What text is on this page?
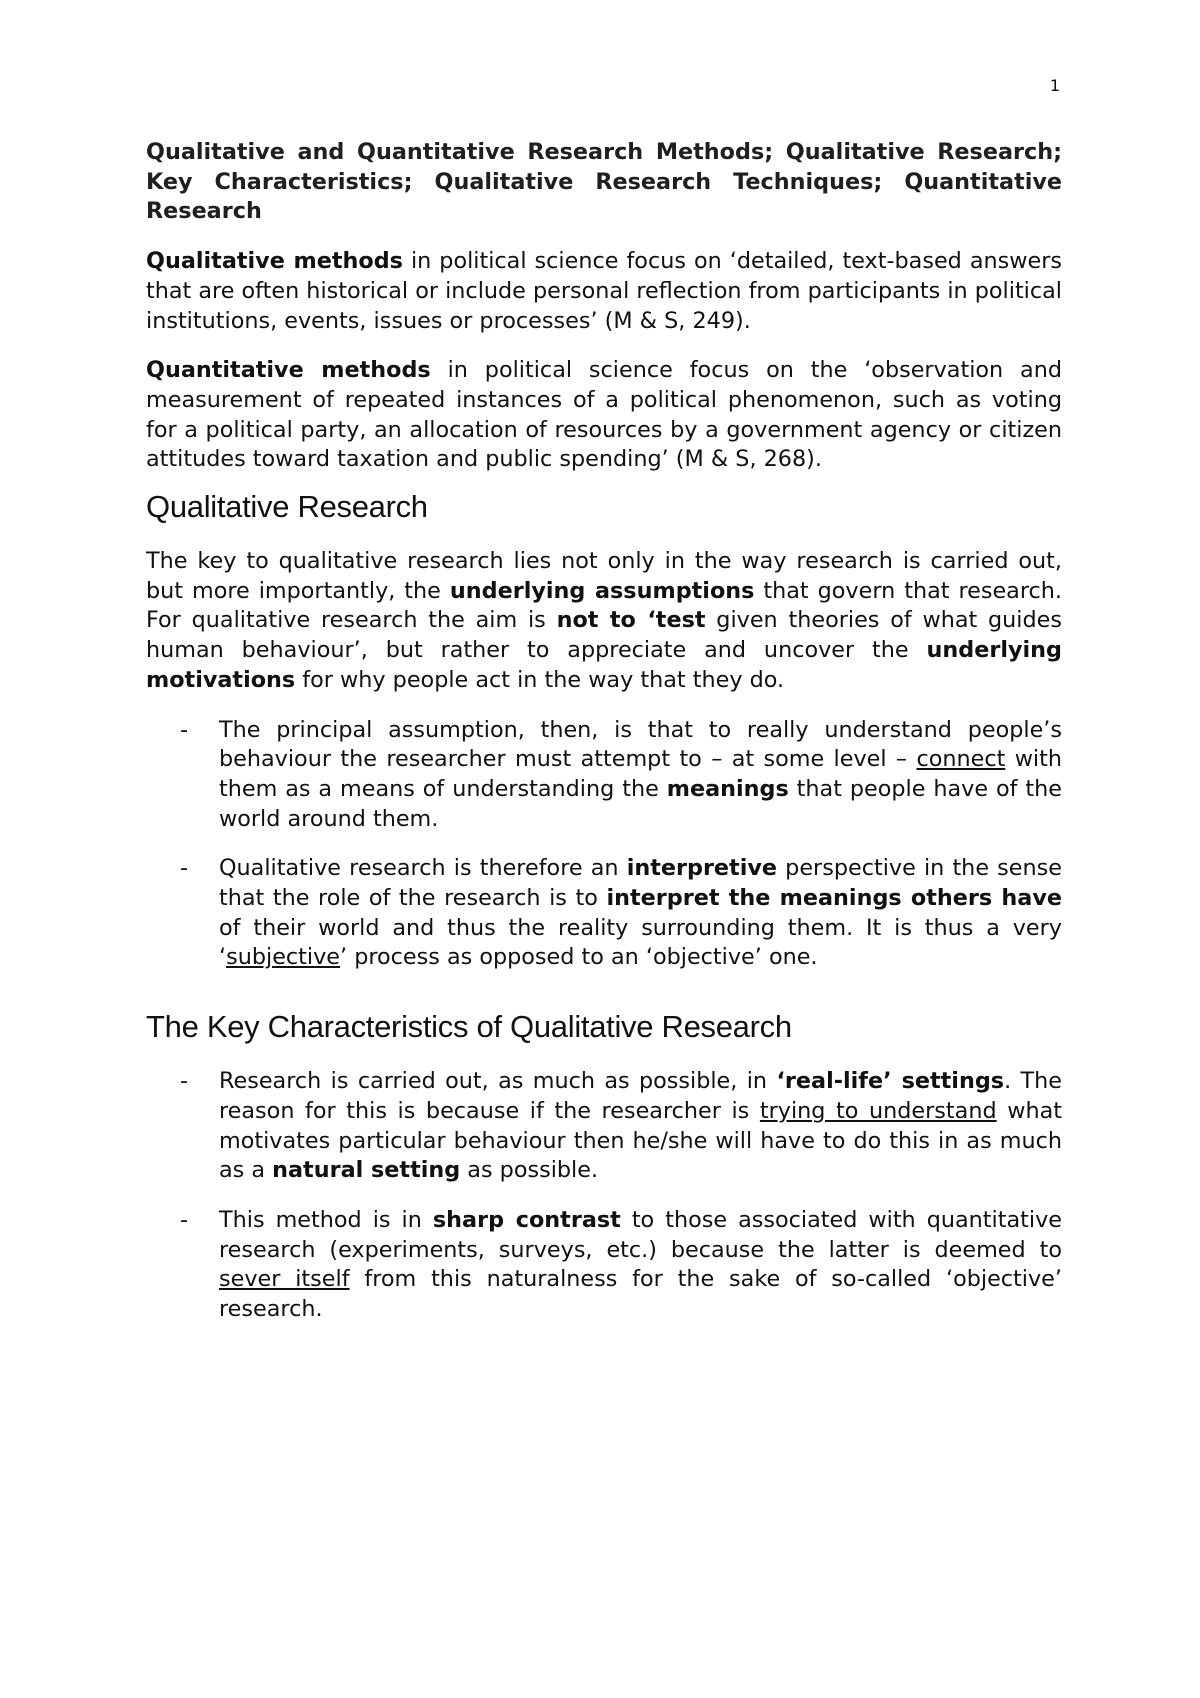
1

Qualitative and Quantitative Research Methods; Qualitative Research; Key Characteristics; Qualitative Research Techniques; Quantitative Research

Qualitative methods in political science focus on ‘detailed, text-based answers that are often historical or include personal reflection from participants in political institutions, events, issues or processes’ (M & S, 249).

Quantitative methods in political science focus on the ‘observation and measurement of repeated instances of a political phenomenon, such as voting for a political party, an allocation of resources by a government agency or citizen attitudes toward taxation and public spending’ (M & S, 268).

Qualitative Research

The key to qualitative research lies not only in the way research is carried out, but more importantly, the underlying assumptions that govern that research. For qualitative research the aim is not to ‘test given theories of what guides human behaviour’, but rather to appreciate and uncover the underlying motivations for why people act in the way that they do.

- The principal assumption, then, is that to really understand people’s behaviour the researcher must attempt to – at some level – connect with them as a means of understanding the meanings that people have of the world around them.
- Qualitative research is therefore an interpretive perspective in the sense that the role of the research is to interpret the meanings others have of their world and thus the reality surrounding them. It is thus a very ‘subjective’ process as opposed to an ‘objective’ one.
The Key Characteristics of Qualitative Research
- Research is carried out, as much as possible, in ‘real-life’ settings. The reason for this is because if the researcher is trying to understand what motivates particular behaviour then he/she will have to do this in as much as a natural setting as possible.
- This method is in sharp contrast to those associated with quantitative research (experiments, surveys, etc.) because the latter is deemed to sever itself from this naturalness for the sake of so-called ‘objective’ research.
